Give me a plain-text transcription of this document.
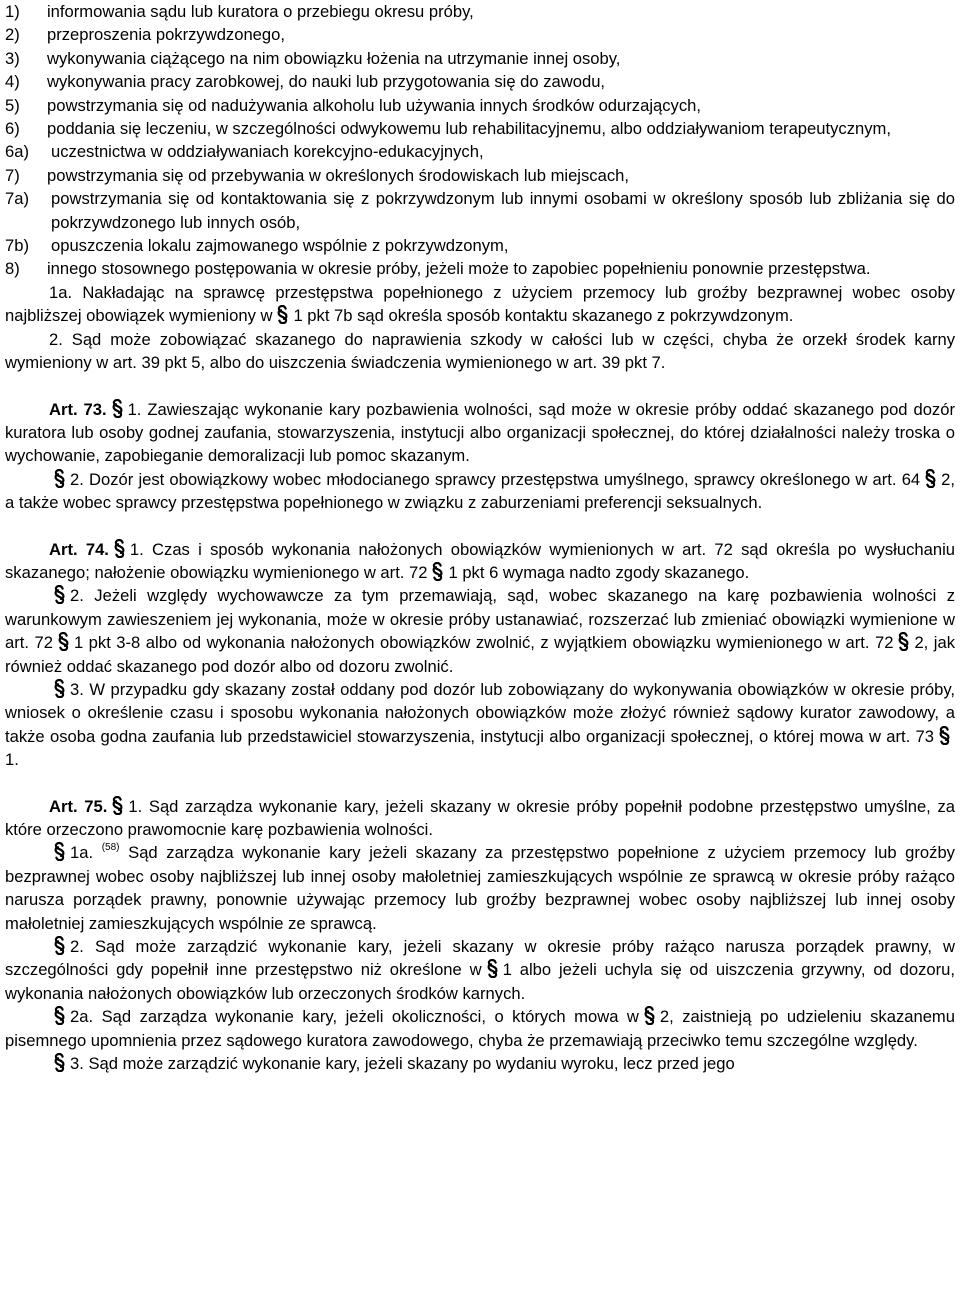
1) informowania sądu lub kuratora o przebiegu okresu próby,
2) przeproszenia pokrzywdzonego,
3) wykonywania ciążącego na nim obowiązku łożenia na utrzymanie innej osoby,
4) wykonywania pracy zarobkowej, do nauki lub przygotowania się do zawodu,
5) powstrzymania się od nadużywania alkoholu lub używania innych środków odurzających,
6) poddania się leczeniu, w szczególności odwykowemu lub rehabilitacyjnemu, albo oddziaływaniom terapeutycznym,
6a) uczestnictwa w oddziaływaniach korekcyjno-edukacyjnych,
7) powstrzymania się od przebywania w określonych środowiskach lub miejscach,
7a) powstrzymania się od kontaktowania się z pokrzywdzonym lub innymi osobami w określony sposób lub zbliżania się do pokrzywdzonego lub innych osób,
7b) opuszczenia lokalu zajmowanego wspólnie z pokrzywdzonym,
8) innego stosownego postępowania w okresie próby, jeżeli może to zapobiec popełnieniu ponownie przestępstwa.
1a. Nakładając na sprawcę przestępstwa popełnionego z użyciem przemocy lub groźby bezprawnej wobec osoby najbliższej obowiązek wymieniony w 1 pkt 7b sąd określa sposób kontaktu skazanego z pokrzywdzonym.
2. Sąd może zobowiązać skazanego do naprawienia szkody w całości lub w części, chyba że orzekł środek karny wymieniony w art. 39 pkt 5, albo do uiszczenia świadczenia wymienionego w art. 39 pkt 7.
Art. 73. 1. Zawieszając wykonanie kary pozbawienia wolności, sąd może w okresie próby oddać skazanego pod dozór kuratora lub osoby godnej zaufania, stowarzyszenia, instytucji albo organizacji społecznej, do której działalności należy troska o wychowanie, zapobieganie demoralizacji lub pomoc skazanym.
2. Dozór jest obowiązkowy wobec młodocianego sprawcy przestępstwa umyślnego, sprawcy określonego w art. 64 2, a także wobec sprawcy przestępstwa popełnionego w związku z zaburzeniami preferencji seksualnych.
Art. 74. 1. Czas i sposób wykonania nałożonych obowiązków wymienionych w art. 72 sąd określa po wysłuchaniu skazanego; nałożenie obowiązku wymienionego w art. 72 1 pkt 6 wymaga nadto zgody skazanego.
2. Jeżeli względy wychowawcze za tym przemawiają, sąd, wobec skazanego na karę pozbawienia wolności z warunkowym zawieszeniem jej wykonania, może w okresie próby ustanawiać, rozszerzać lub zmieniać obowiązki wymienione w art. 72 1 pkt 3-8 albo od wykonania nałożonych obowiązków zwolnić, z wyjątkiem obowiązku wymienionego w art. 72 2, jak również oddać skazanego pod dozór albo od dozoru zwolnić.
3. W przypadku gdy skazany został oddany pod dozór lub zobowiązany do wykonywania obowiązków w okresie próby, wniosek o określenie czasu i sposobu wykonania nałożonych obowiązków może złożyć również sądowy kurator zawodowy, a także osoba godna zaufania lub przedstawiciel stowarzyszenia, instytucji albo organizacji społecznej, o której mowa w art. 73
1.
Art. 75. 1. Sąd zarządza wykonanie kary, jeżeli skazany w okresie próby popełnił podobne przestępstwo umyślne, za które orzeczono prawomocnie karę pozbawienia wolności.
1a. $^{(58)}$ Sąd zarządza wykonanie kary jeżeli skazany za przestępstwo popełnione z użyciem przemocy lub groźby bezprawnej wobec osoby najbliższej lub innej osoby małoletniej zamieszkujących wspólnie ze sprawcą w okresie próby rażąco narusza porządek prawny, ponownie używając przemocy lub groźby bezprawnej wobec osoby najbliższej lub innej osoby małoletniej zamieszkujących wspólnie ze sprawcą.
2. Sąd może zarządzić wykonanie kary, jeżeli skazany w okresie próby rażąco narusza porządek prawny, w szczególności gdy popełnił inne przestępstwo niż określone w 1 albo jeżeli uchyla się od uiszczenia grzywny, od dozoru, wykonania nałożonych obowiązków lub orzeczonych środków karnych.
2a. Sąd zarządza wykonanie kary, jeżeli okoliczności, o których mowa w 2, zaistnieją po udzieleniu skazanemu pisemnego upomnienia przez sądowego kuratora zawodowego, chyba że przemawiają przeciwko temu szczególne względy.
3. Sąd może zarządzić wykonanie kary, jeżeli skazany po wydaniu wyroku, lecz przed jego
